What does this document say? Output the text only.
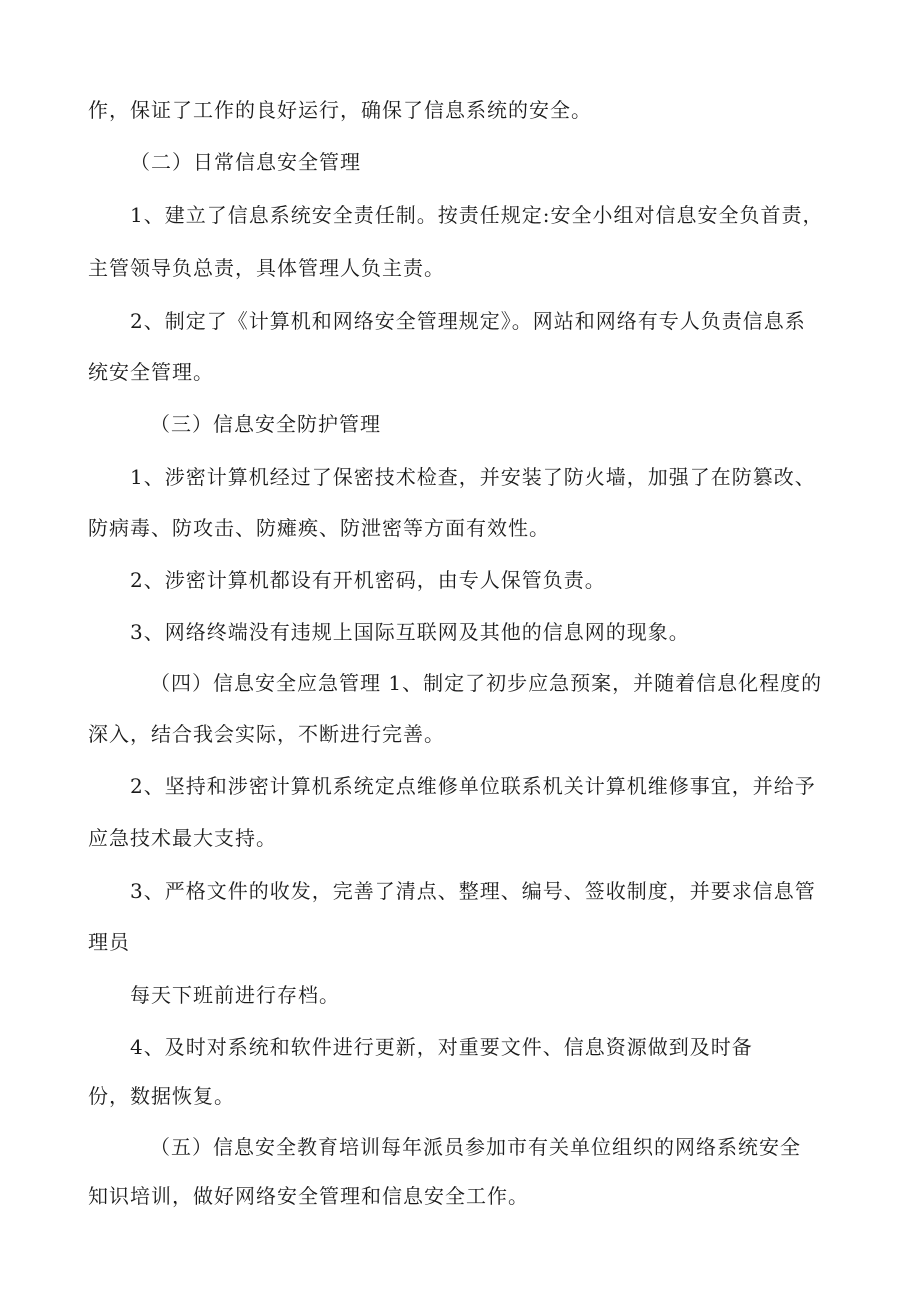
作，保证了工作的良好运行，确保了信息系统的安全。
（二）日常信息安全管理
1、建立了信息系统安全责任制。按责任规定:安全小组对信息安全负首责，
主管领导负总责，具体管理人负主责。
2、制定了《计算机和网络安全管理规定》。网站和网络有专人负责信息系
统安全管理。
（三）信息安全防护管理
1、涉密计算机经过了保密技术检查，并安装了防火墙，加强了在防篡改、
防病毒、防攻击、防瘫痪、防泄密等方面有效性。
2、涉密计算机都设有开机密码，由专人保管负责。
3、网络终端没有违规上国际互联网及其他的信息网的现象。
（四）信息安全应急管理 1、制定了初步应急预案，并随着信息化程度的
深入，结合我会实际，不断进行完善。
2、坚持和涉密计算机系统定点维修单位联系机关计算机维修事宜，并给予
应急技术最大支持。
3、严格文件的收发，完善了清点、整理、编号、签收制度，并要求信息管
理员
每天下班前进行存档。
4、及时对系统和软件进行更新，对重要文件、信息资源做到及时备
份，数据恢复。
（五）信息安全教育培训每年派员参加市有关单位组织的网络系统安全
知识培训，做好网络安全管理和信息安全工作。
